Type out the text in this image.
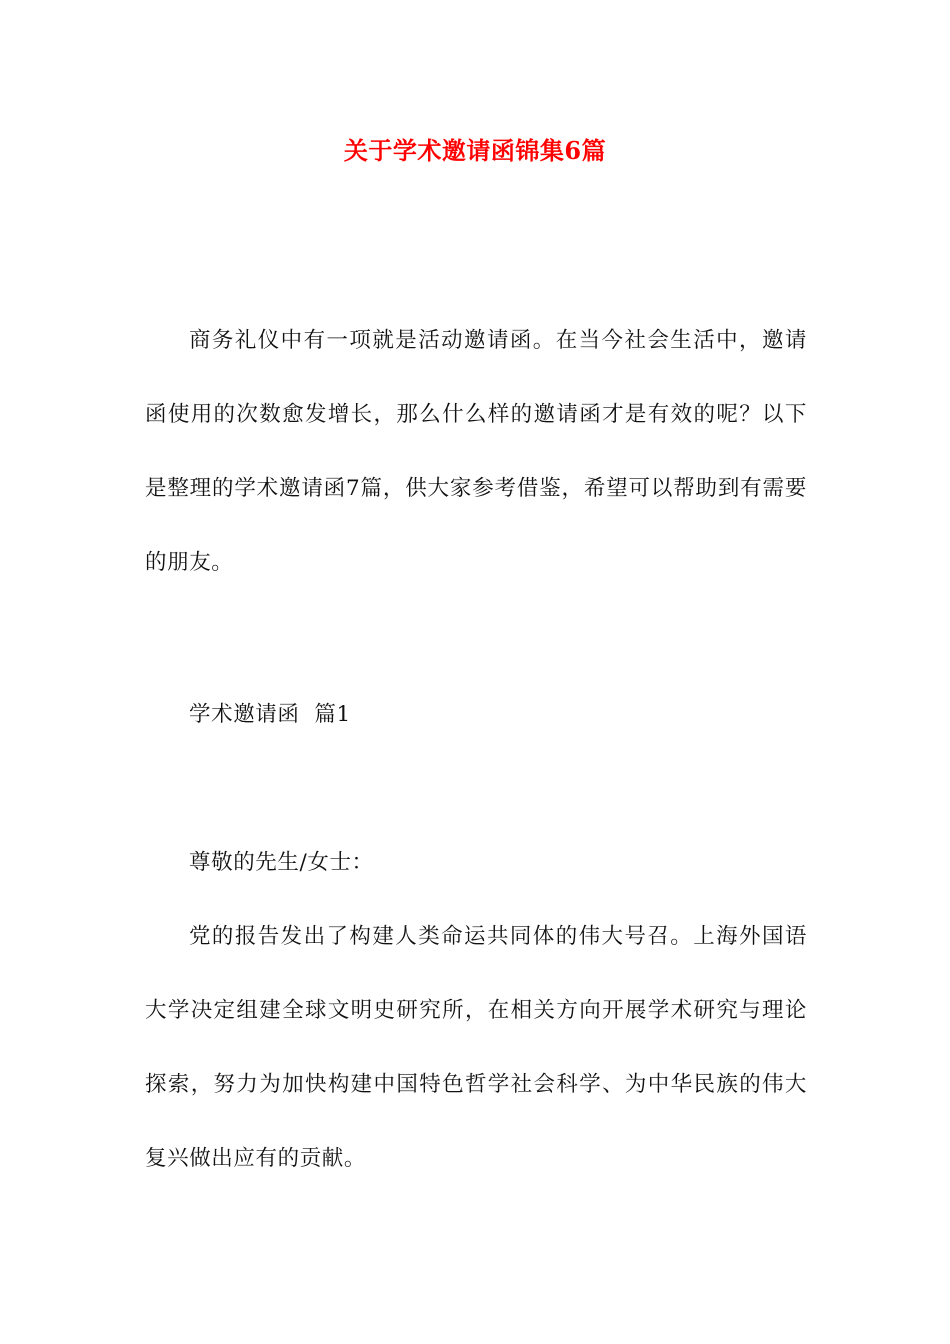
关于学术邀请函锦集6篇
商务礼仪中有一项就是活动邀请函。在当今社会生活中，邀请函使用的次数愈发增长，那么什么样的邀请函才是有效的呢？以下是整理的学术邀请函7篇，供大家参考借鉴，希望可以帮助到有需要的朋友。
学术邀请函  篇1
尊敬的先生/女士：
党的报告发出了构建人类命运共同体的伟大号召。上海外国语大学决定组建全球文明史研究所，在相关方向开展学术研究与理论探索，努力为加快构建中国特色哲学社会科学、为中华民族的伟大复兴做出应有的贡献。
